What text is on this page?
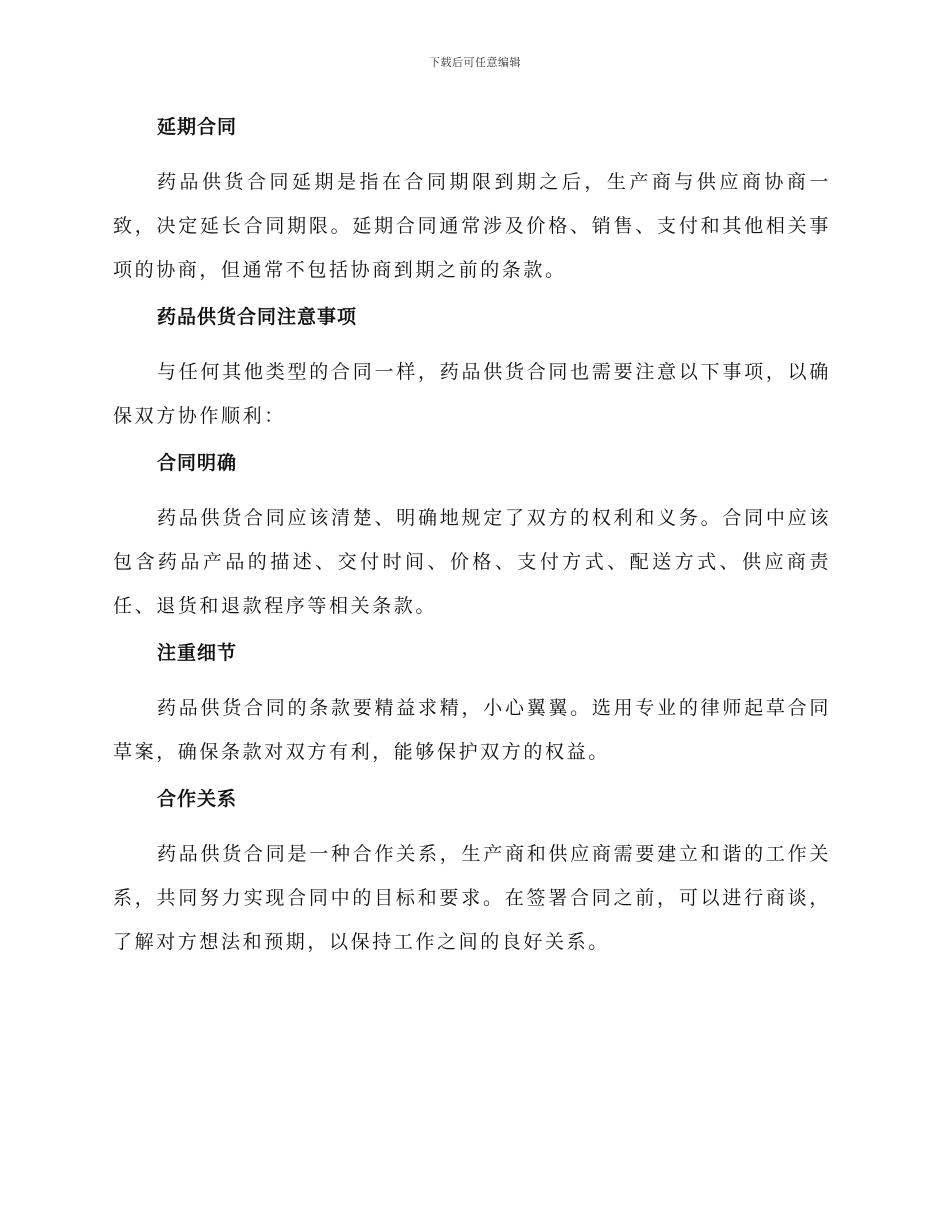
下载后可任意编辑
延期合同

药品供货合同延期是指在合同期限到期之后，生产商与供应商协商一致，决定延长合同期限。延期合同通常涉及价格、销售、支付和其他相关事项的协商，但通常不包括协商到期之前的条款。

药品供货合同注意事项

与任何其他类型的合同一样，药品供货合同也需要注意以下事项，以确保双方协作顺利：

合同明确

药品供货合同应该清楚、明确地规定了双方的权利和义务。合同中应该包含药品产品的描述、交付时间、价格、支付方式、配送方式、供应商责任、退货和退款程序等相关条款。

注重细节

药品供货合同的条款要精益求精，小心翼翼。选用专业的律师起草合同草案，确保条款对双方有利，能够保护双方的权益。

合作关系

药品供货合同是一种合作关系，生产商和供应商需要建立和谐的工作关系，共同努力实现合同中的目标和要求。在签署合同之前，可以进行商谈，了解对方想法和预期，以保持工作之间的良好关系。
